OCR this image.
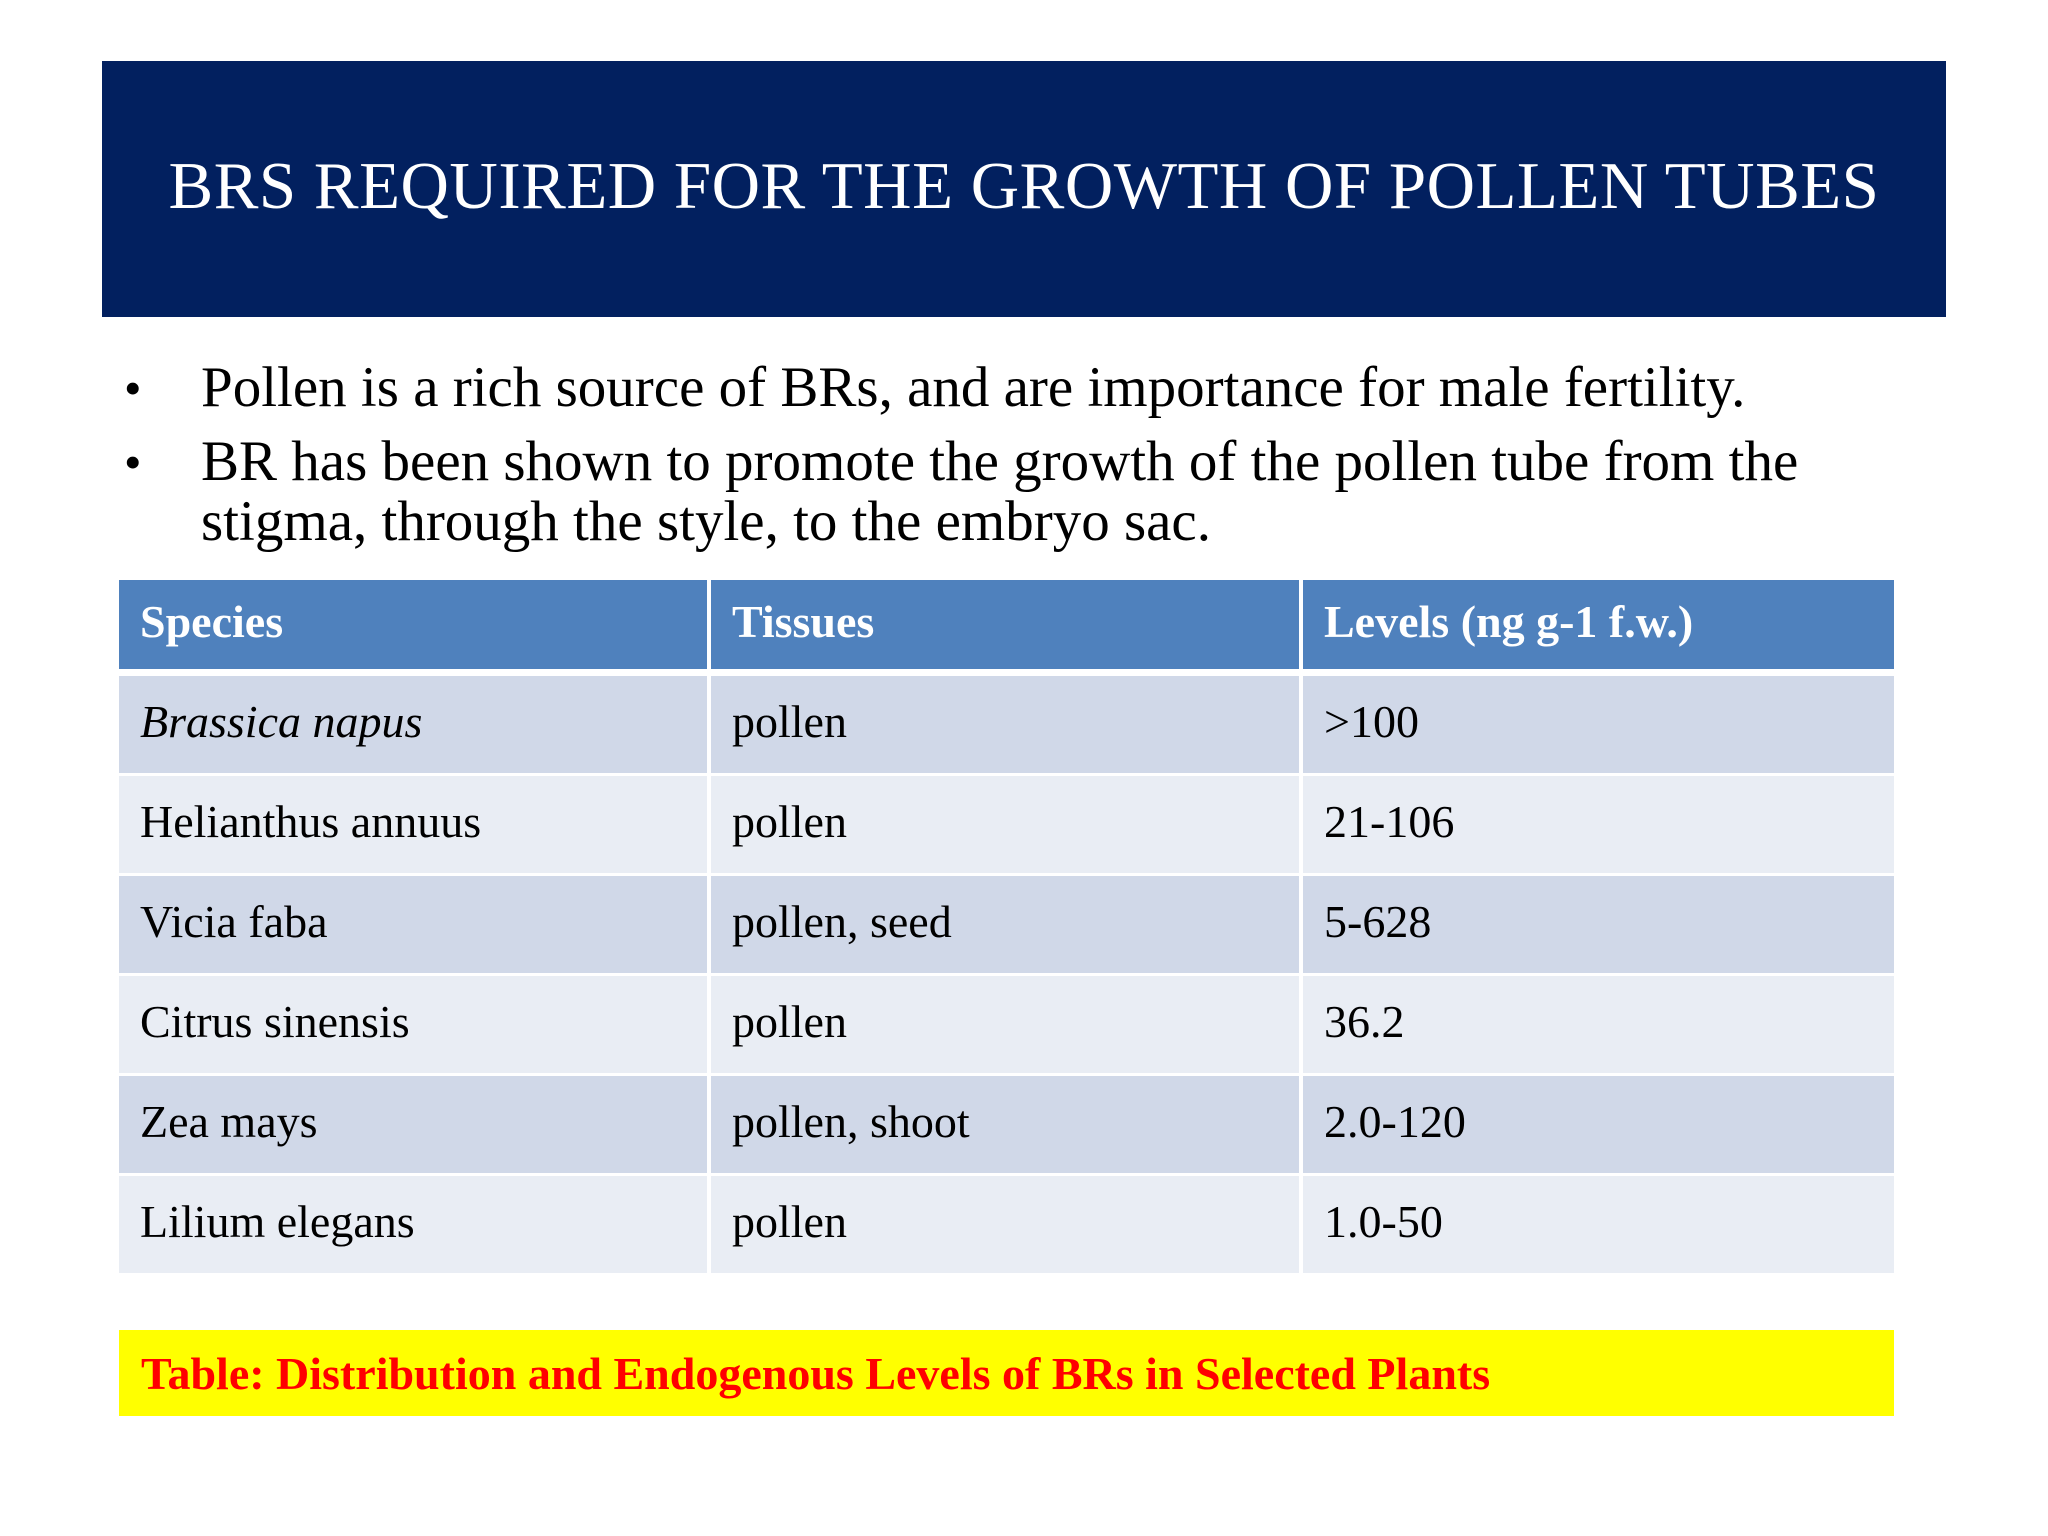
BRS REQUIRED FOR THE GROWTH OF POLLEN TUBES
• Pollen is a rich source of BRs, and are importance for male fertility.
• BR has been shown to promote the growth of the pollen tube from the stigma, through the style, to the embryo sac.
Species	Tissues	Levels (ng g-1 f.w.)
Brassica napus	pollen	>100
Helianthus annuus	pollen	21-106
Vicia faba	pollen, seed	5-628
Citrus sinensis	pollen	36.2
Zea mays	pollen, shoot	2.0-120
Lilium elegans	pollen	1.0-50
Table: Distribution and Endogenous Levels of BRs in Selected Plants
